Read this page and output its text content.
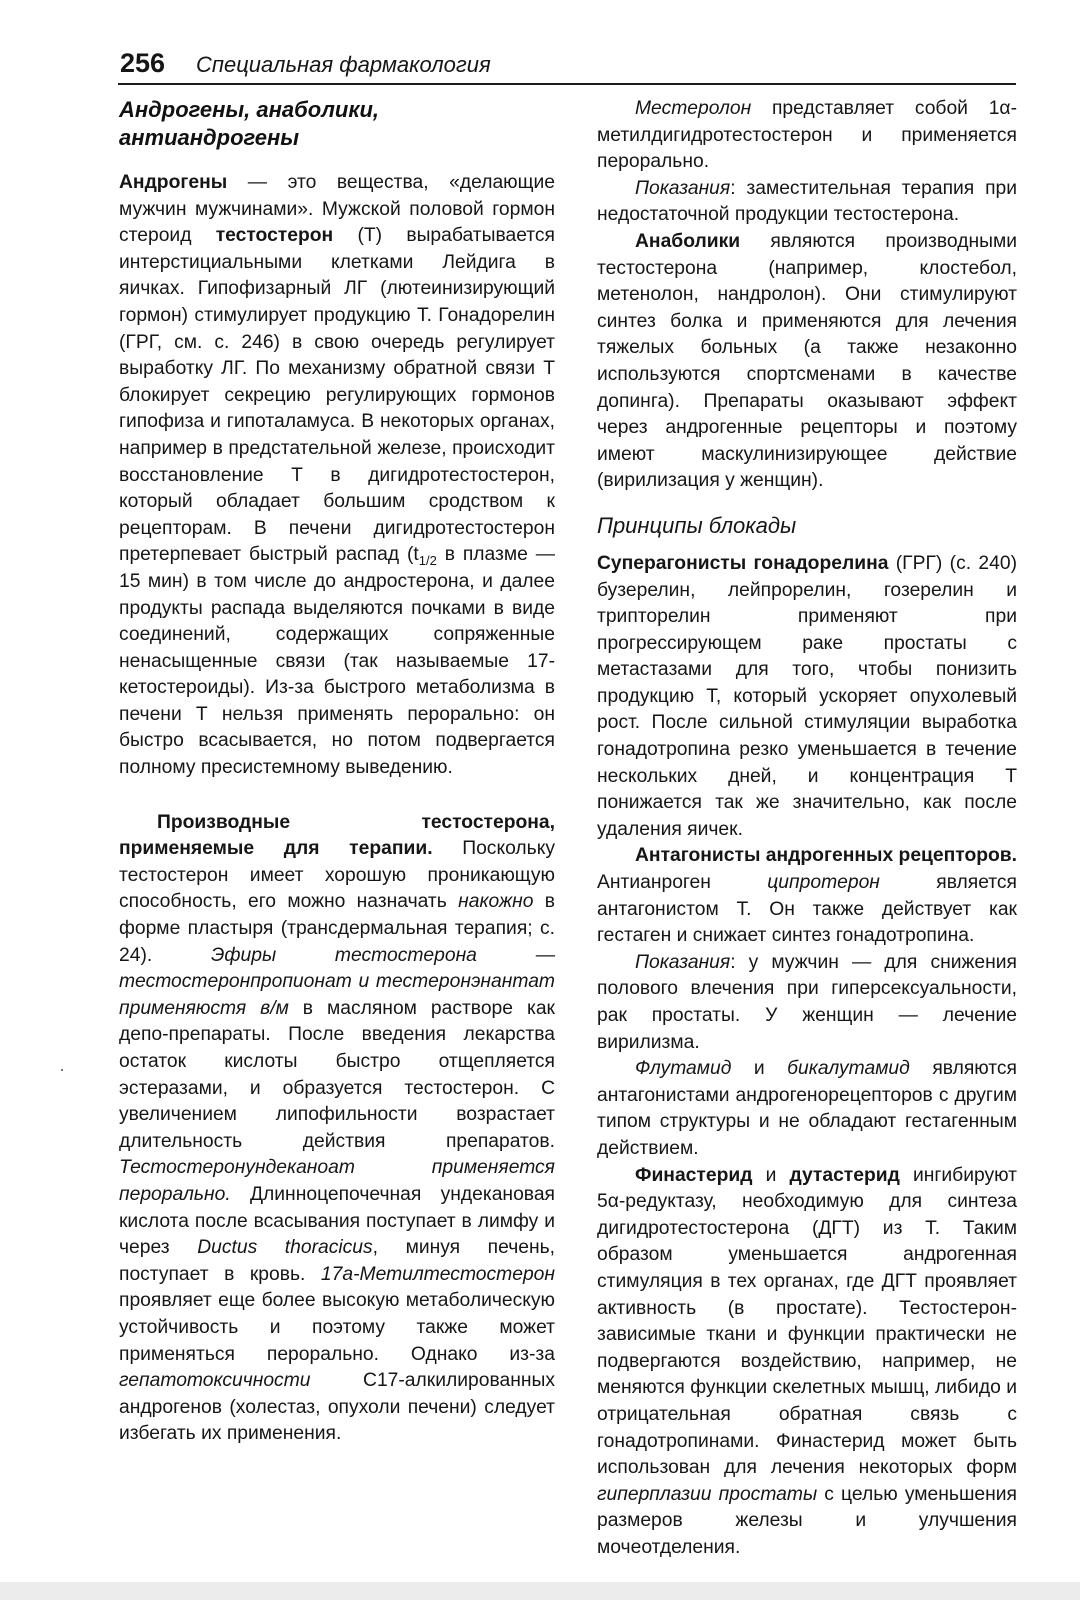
256 Специальная фармакология
Андрогены, анаболики,
антиандрогены

Андрогены — это вещества, «делающие мужчин мужчинами». Мужской половой гормон стероид тестостерон (Т) вырабатывается интерстициальными клетками Лейдига в яичках. Гипофизарный ЛГ (лютеинизирующий гормон) стимулирует продукцию Т. Гонадорелин (ГРГ, см. с. 246) в свою очередь регулирует выработку ЛГ. По механизму обратной связи Т блокирует секрецию регулирующих гормонов гипофиза и гипоталамуса. В некоторых органах, например в предстательной железе, происходит восстановление Т в дигидротестостерон, который обладает большим сродством к рецепторам. В печени дигидротестостерон претерпевает быстрый распад ($t_{1/2}$ в плазме — 15 мин) в том числе до андростерона, и далее продукты распада выделяются почками в виде соединений, содержащих сопряженные ненасыщенные связи (так называемые 17-кетостероиды). Из-за быстрого метаболизма в печени Т нельзя применять перорально: он быстро всасывается, но потом подвергается полному пресистемному выведению.

Производные тестостерона, применяемые для терапии. Поскольку тестостерон имеет хорошую проникающую способность, его можно назначать накожно в форме пластыря (трансдермальная терапия; с. 24). Эфиры тестостерона — тестостеронпропионат и тестеронэнантат применяюстя в/м в масляном растворе как депо-препараты. После введения лекарства остаток кислоты быстро отщепляется эстеразами, и образуется тестостерон. С увеличением липофильности возрастает длительность действия препаратов. Тестостеронундеканоат применяется перорально. Длинноцепочечная ундекановая кислота после всасывания поступает в лимфу и через Ductus thoracicus, минуя печень, поступает в кровь. 17а-Метилтестостерон проявляет еще более высокую метаболическую устойчивость и поэтому также может применяться перорально. Однако из-за гепатотоксичности С17-алкилированных андрогенов (холестаз, опухоли печени) следует избегать их применения.

Местеролон представляет собой 1α-метилдигидротестостерон и применяется перорально.

Показания: заместительная терапия при недостаточной продукции тестостерона.

Анаболики являются производными тестостерона (например, клостебол, метенолон, нандролон). Они стимулируют синтез болка и применяются для лечения тяжелых больных (а также незаконно используются спортсменами в качестве допинга). Препараты оказывают эффект через андрогенные рецепторы и поэтому имеют маскулинизирующее действие (вирилизация у женщин).

Принципы блокады

Суперагонисты гонадорелина (ГРГ) (с. 240) бузерелин, лейпрорелин, гозерелин и трипторелин применяют при прогрессирующем раке простаты с метастазами для того, чтобы понизить продукцию Т, который ускоряет опухолевый рост. После сильной стимуляции выработка гонадотропина резко уменьшается в течение нескольких дней, и концентрация Т понижается так же значительно, как после удаления яичек.

Антагонисты андрогенных рецепторов. Антианроген ципротерон является антагонистом Т. Он также действует как гестаген и снижает синтез гонадотропина.

Показания: у мужчин — для снижения полового влечения при гиперсексуальности, рак простаты. У женщин — лечение вирилизма.

Флутамид и бикалутамид являются антагонистами андрогенорецепторов с другим типом структуры и не обладают гестагенным действием.

Финастерид и дутастерид ингибируют 5α-редуктазу, необходимую для синтеза дигидротестостерона (ДГТ) из Т. Таким образом уменьшается андрогенная стимуляция в тех органах, где ДГТ проявляет активность (в простате). Тестостерон-зависимые ткани и функции практически не подвергаются воздействию, например, не меняются функции скелетных мышц, либидо и отрицательная обратная связь с гонадотропинами. Финастерид может быть использован для лечения некоторых форм гиперплазии простаты с целью уменьшения размеров железы и улучшения мочеотделения.
